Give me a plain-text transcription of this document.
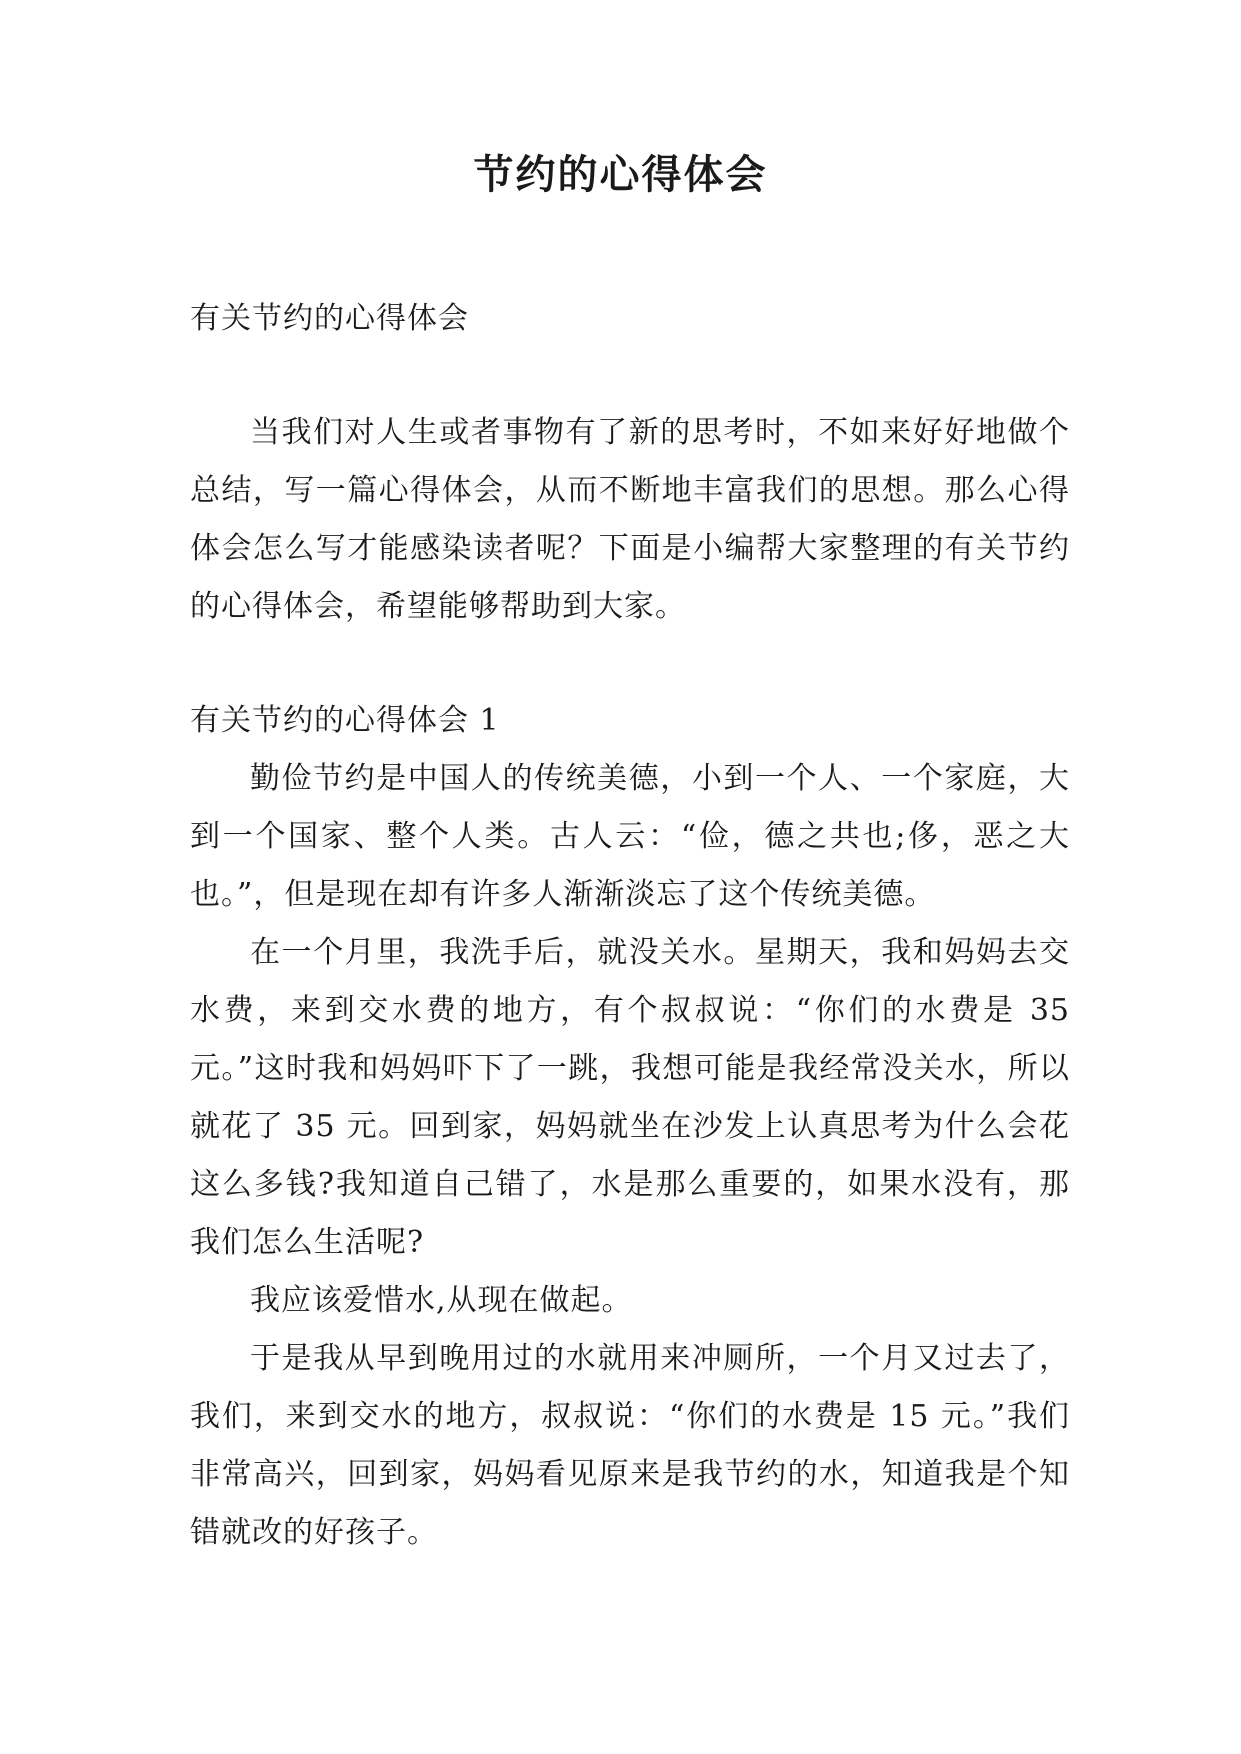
节约的心得体会

有关节约的心得体会

当我们对人生或者事物有了新的思考时，不如来好好地做个总结，写一篇心得体会，从而不断地丰富我们的思想。那么心得体会怎么写才能感染读者呢？下面是小编帮大家整理的有关节约的心得体会，希望能够帮助到大家。

有关节约的心得体会 1

勤俭节约是中国人的传统美德，小到一个人、一个家庭，大到一个国家、整个人类。古人云：“俭，德之共也;侈，恶之大也。”，但是现在却有许多人渐渐淡忘了这个传统美德。

在一个月里，我洗手后，就没关水。星期天，我和妈妈去交水费，来到交水费的地方，有个叔叔说：“你们的水费是 35 元。”这时我和妈妈吓下了一跳，我想可能是我经常没关水，所以就花了 35 元。回到家，妈妈就坐在沙发上认真思考为什么会花这么多钱?我知道自己错了，水是那么重要的，如果水没有，那我们怎么生活呢?

我应该爱惜水,从现在做起。

于是我从早到晚用过的水就用来冲厕所，一个月又过去了，我们，来到交水的地方，叔叔说：“你们的水费是 15 元。”我们非常高兴，回到家，妈妈看见原来是我节约的水，知道我是个知错就改的好孩子。
